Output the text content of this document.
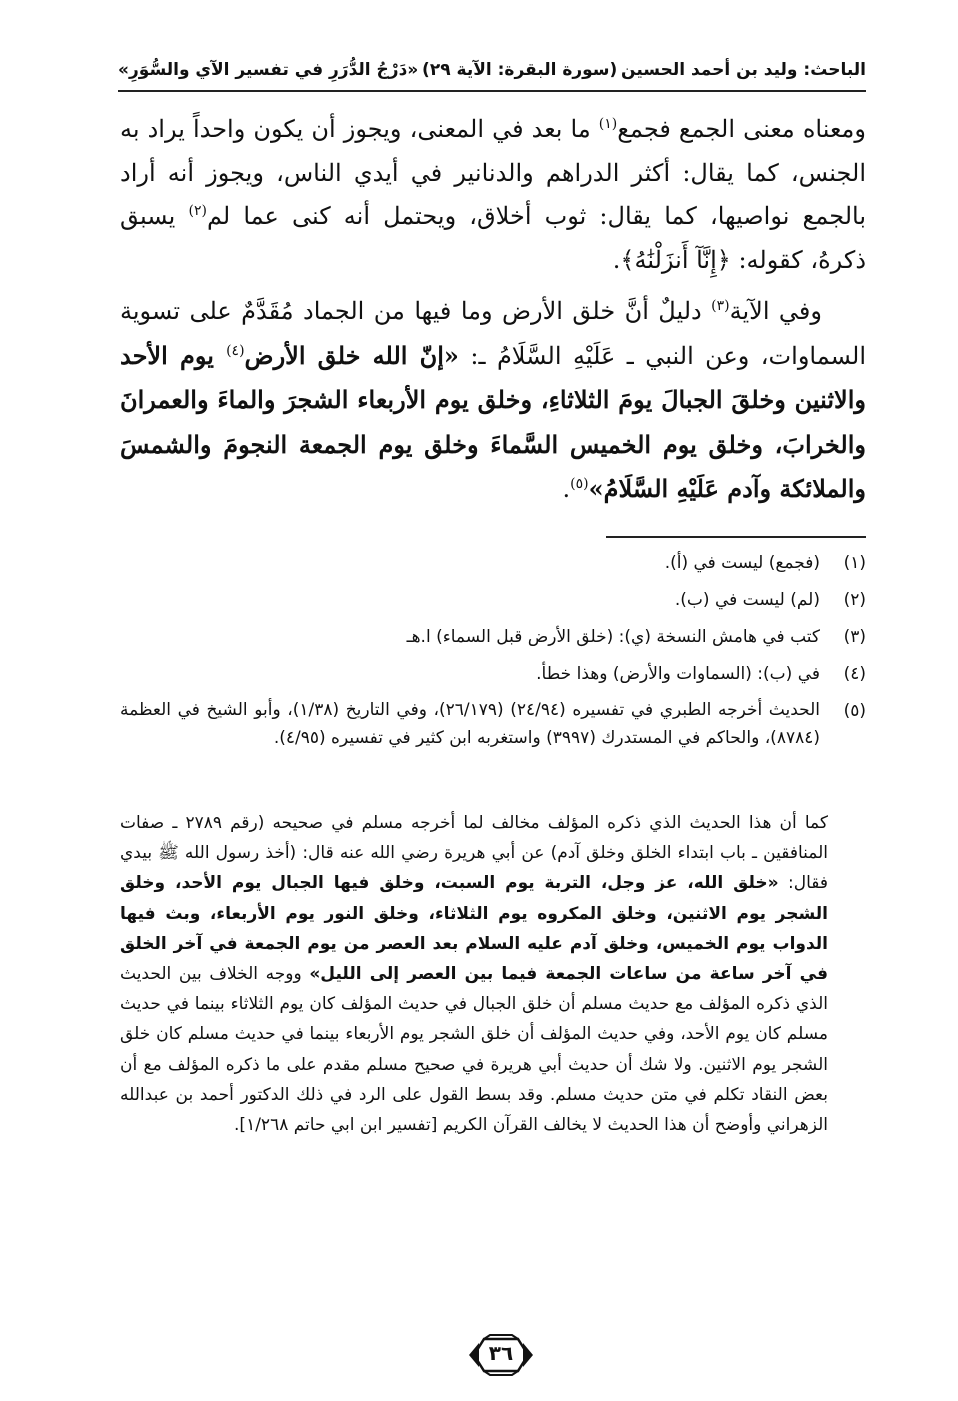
الباحث: وليد بن أحمد الحسين
(سورة البقرة: الآية ٢٩)
«دَرْجُ الدُّرَرِ في تفسير الآي والسُّوَرِ»

ومعناه معنى الجمع فجمع$^{(١)}$ ما بعد في المعنى، ويجوز أن يكون واحداً يراد به الجنس، كما يقال: أكثر الدراهم والدنانير في أيدي الناس، ويجوز أنه أراد بالجمع نواصيها، كما يقال: ثوب أخلاق، ويحتمل أنه كنى عما لم$^{(٢)}$ يسبق ذكرهُ، كقوله: ﴿إِنَّآ أَنزَلْنَٰهُ﴾.

وفي الآية$^{(٣)}$ دليلٌ أنَّ خلق الأرض وما فيها من الجماد مُقَدَّمٌ على تسوية السماوات، وعن النبي ـ عَلَيْهِ السَّلَامُ ـ: «إنّ الله خلق الأرض$^{(٤)}$ يوم الأحد والاثنين وخلقَ الجبالَ يومَ الثلاثاءِ، وخلق يوم الأربعاء الشجرَ والماءَ والعمرانَ والخرابَ، وخلق يوم الخميس السَّماءَ وخلق يوم الجمعة النجومَ والشمسَ والملائكة وآدم عَلَيْهِ السَّلَامُ»$^{(٥)}$.

(١)
(فجمع) ليست في (أ).
(٢)
(لم) ليست في (ب).
(٣)
كتب في هامش النسخة (ي): (خلق الأرض قبل السماء) ا.هـ
(٤)
في (ب): (السماوات والأرض) وهذا خطأ.
(٥)
الحديث أخرجه الطبري في تفسيره (٢٤/٩٤) (٢٦/١٧٩)، وفي التاريخ (١/٣٨)، وأبو الشيخ في العظمة (٨٧٨٤)، والحاكم في المستدرك (٣٩٩٧) واستغربه ابن كثير في تفسيره (٤/٩٥).
كما أن هذا الحديث الذي ذكره المؤلف مخالف لما أخرجه مسلم في صحيحه (رقم ٢٧٨٩ ـ صفات المنافقين ـ باب ابتداء الخلق وخلق آدم) عن أبي هريرة رضي الله عنه قال: (أخذ رسول الله ﷺ بيدي فقال: «خلق الله، عز وجل، التربة يوم السبت، وخلق فيها الجبال يوم الأحد، وخلق الشجر يوم الاثنين، وخلق المكروه يوم الثلاثاء، وخلق النور يوم الأربعاء، وبث فيها الدواب يوم الخميس، وخلق آدم عليه السلام بعد العصر من يوم الجمعة في آخر الخلق في آخر ساعة من ساعات الجمعة فيما بين العصر إلى الليل» ووجه الخلاف بين الحديث الذي ذكره المؤلف مع حديث مسلم أن خلق الجبال في حديث المؤلف كان يوم الثلاثاء بينما في حديث مسلم كان يوم الأحد، وفي حديث المؤلف أن خلق الشجر يوم الأربعاء بينما في حديث مسلم كان خلق الشجر يوم الاثنين. ولا شك أن حديث أبي هريرة في صحيح مسلم مقدم على ما ذكره المؤلف مع أن بعض النقاد تكلم في متن حديث مسلم. وقد بسط القول على الرد في ذلك الدكتور أحمد بن عبدالله الزهراني وأوضح أن هذا الحديث لا يخالف القرآن الكريم [تفسير ابن ابي حاتم ١/٢٦٨].
٣٦
